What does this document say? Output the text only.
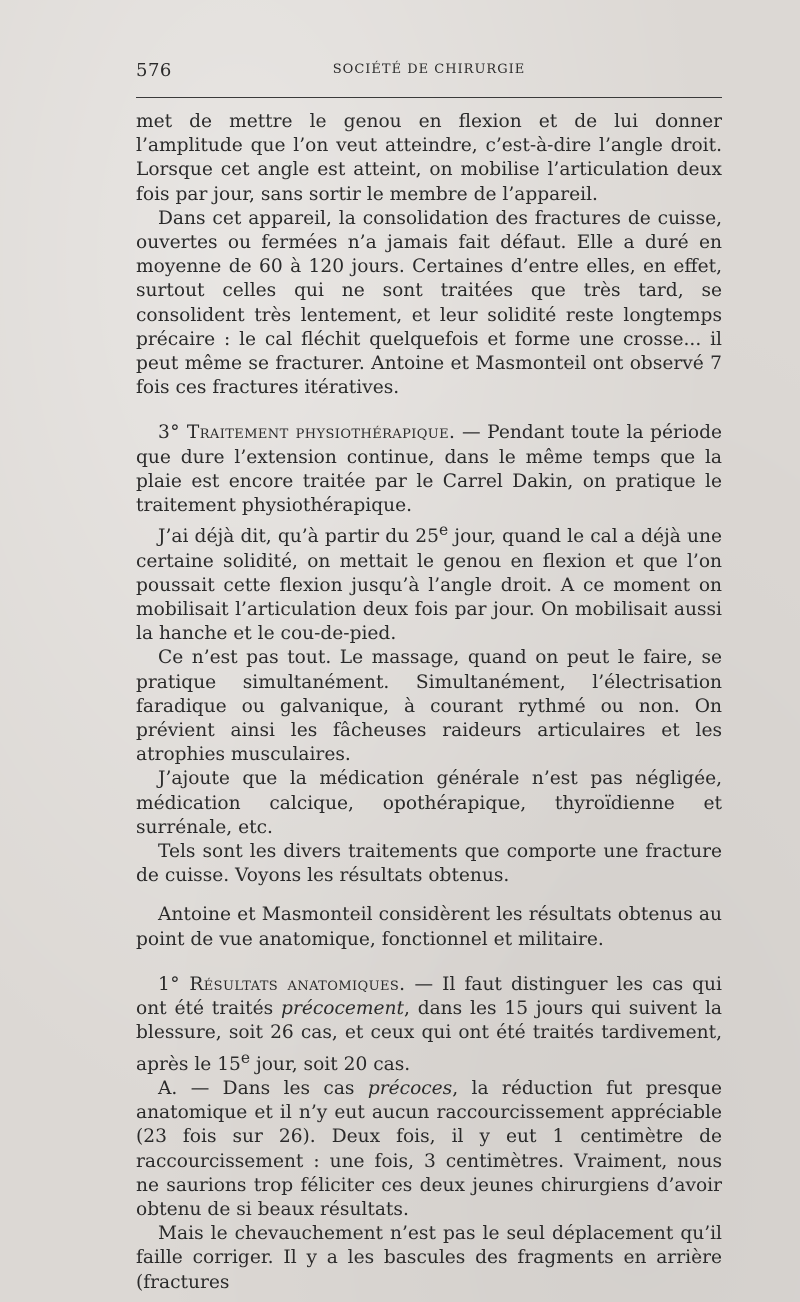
576	SOCIÉTÉ DE CHIRURGIE

met de mettre le genou en flexion et de lui donner l’amplitude que l’on veut atteindre, c’est-à-dire l’angle droit. Lorsque cet angle est atteint, on mobilise l’articulation deux fois par jour, sans sortir le membre de l’appareil.

Dans cet appareil, la consolidation des fractures de cuisse, ouvertes ou fermées n’a jamais fait défaut. Elle a duré en moyenne de 60 à 120 jours. Certaines d’entre elles, en effet, surtout celles qui ne sont traitées que très tard, se consolident très lentement, et leur solidité reste longtemps précaire : le cal fléchit quelquefois et forme une crosse... il peut même se fracturer. Antoine et Masmonteil ont observé 7 fois ces fractures itératives.

3° Traitement physiothérapique. — Pendant toute la période que dure l’extension continue, dans le même temps que la plaie est encore traitée par le Carrel Dakin, on pratique le traitement physiothérapique.

J’ai déjà dit, qu’à partir du 25e jour, quand le cal a déjà une certaine solidité, on mettait le genou en flexion et que l’on poussait cette flexion jusqu’à l’angle droit. A ce moment on mobilisait l’articulation deux fois par jour. On mobilisait aussi la hanche et le cou-de-pied.

Ce n’est pas tout. Le massage, quand on peut le faire, se pratique simultanément. Simultanément, l’électrisation faradique ou galvanique, à courant rythmé ou non. On prévient ainsi les fâcheuses raideurs articulaires et les atrophies musculaires.

J’ajoute que la médication générale n’est pas négligée, médication calcique, opothérapique, thyroïdienne et surrénale, etc.

Tels sont les divers traitements que comporte une fracture de cuisse. Voyons les résultats obtenus.

Antoine et Masmonteil considèrent les résultats obtenus au point de vue anatomique, fonctionnel et militaire.

1° Résultats anatomiques. — Il faut distinguer les cas qui ont été traités précocement, dans les 15 jours qui suivent la blessure, soit 26 cas, et ceux qui ont été traités tardivement, après le 15e jour, soit 20 cas.

A. — Dans les cas précoces, la réduction fut presque anatomique et il n’y eut aucun raccourcissement appréciable (23 fois sur 26). Deux fois, il y eut 1 centimètre de raccourcissement : une fois, 3 centimètres. Vraiment, nous ne saurions trop féliciter ces deux jeunes chirurgiens d’avoir obtenu de si beaux résultats.

Mais le chevauchement n’est pas le seul déplacement qu’il faille corriger. Il y a les bascules des fragments en arrière (fractures
